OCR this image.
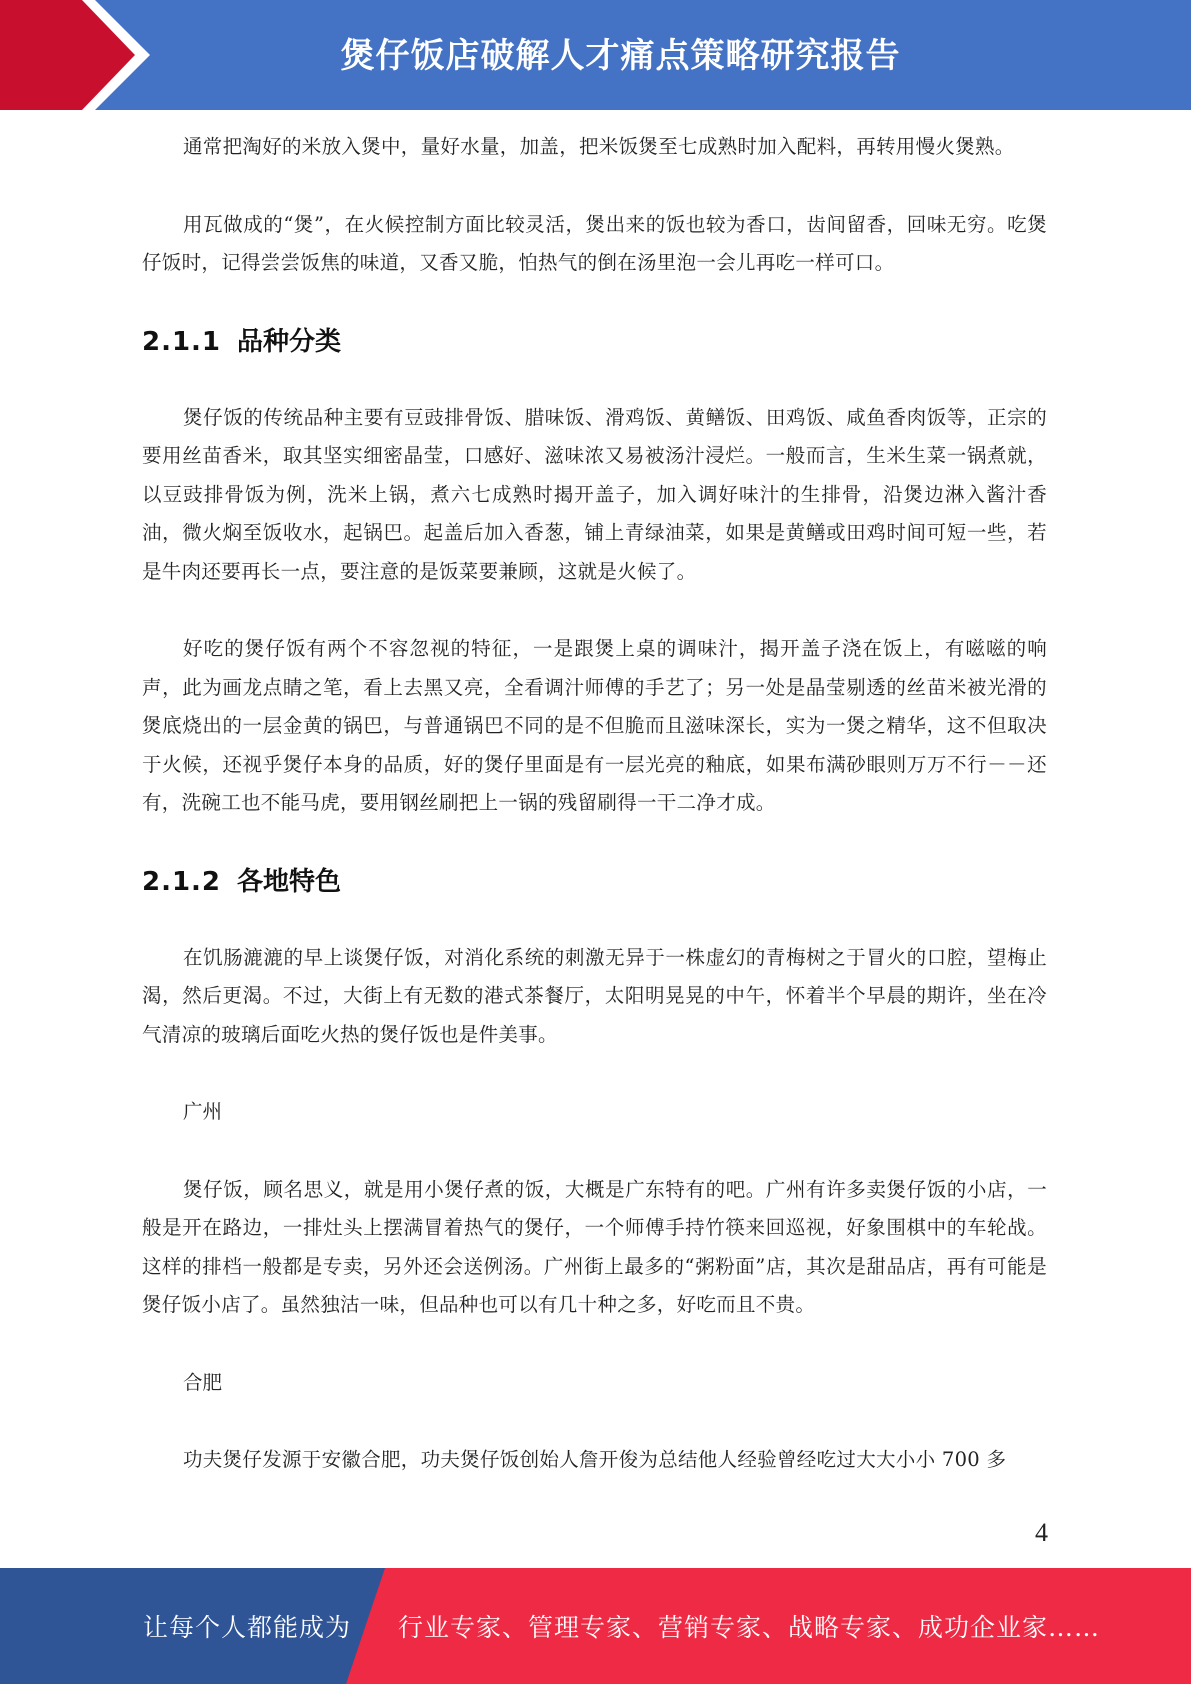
煲仔饭店破解人才痛点策略研究报告

通常把淘好的米放入煲中，量好水量，加盖，把米饭煲至七成熟时加入配料，再转用慢火煲熟。

用瓦做成的“煲”，在火候控制方面比较灵活，煲出来的饭也较为香口，齿间留香，回味无穷。吃煲仔饭时，记得尝尝饭焦的味道，又香又脆，怕热气的倒在汤里泡一会儿再吃一样可口。

2.1.1 品种分类

煲仔饭的传统品种主要有豆豉排骨饭、腊味饭、滑鸡饭、黄鳝饭、田鸡饭、咸鱼香肉饭等，正宗的要用丝苗香米，取其坚实细密晶莹，口感好、滋味浓又易被汤汁浸烂。一般而言，生米生菜一锅煮就，以豆豉排骨饭为例，洗米上锅，煮六七成熟时揭开盖子，加入调好味汁的生排骨，沿煲边淋入酱汁香油，微火焖至饭收水，起锅巴。起盖后加入香葱，铺上青绿油菜，如果是黄鳝或田鸡时间可短一些，若是牛肉还要再长一点，要注意的是饭菜要兼顾，这就是火候了。

好吃的煲仔饭有两个不容忽视的特征，一是跟煲上桌的调味汁，揭开盖子浇在饭上，有嗞嗞的响声，此为画龙点睛之笔，看上去黑又亮，全看调汁师傅的手艺了；另一处是晶莹剔透的丝苗米被光滑的煲底烧出的一层金黄的锅巴，与普通锅巴不同的是不但脆而且滋味深长，实为一煲之精华，这不但取决于火候，还视乎煲仔本身的品质，好的煲仔里面是有一层光亮的釉底，如果布满砂眼则万万不行－－还有，洗碗工也不能马虎，要用钢丝刷把上一锅的残留刷得一干二净才成。

2.1.2 各地特色

在饥肠漉漉的早上谈煲仔饭，对消化系统的刺激无异于一株虚幻的青梅树之于冒火的口腔，望梅止渴，然后更渴。不过，大街上有无数的港式茶餐厅，太阳明晃晃的中午，怀着半个早晨的期许，坐在冷气清凉的玻璃后面吃火热的煲仔饭也是件美事。

广州

煲仔饭，顾名思义，就是用小煲仔煮的饭，大概是广东特有的吧。广州有许多卖煲仔饭的小店，一般是开在路边，一排灶头上摆满冒着热气的煲仔，一个师傅手持竹筷来回巡视，好象围棋中的车轮战。这样的排档一般都是专卖，另外还会送例汤。广州街上最多的“粥粉面”店，其次是甜品店，再有可能是煲仔饭小店了。虽然独沽一味，但品种也可以有几十种之多，好吃而且不贵。

合肥

功夫煲仔发源于安徽合肥，功夫煲仔饭创始人詹开俊为总结他人经验曾经吃过大大小小 700 多

4
让每个人都能成为 行业专家、管理专家、营销专家、战略专家、成功企业家……
